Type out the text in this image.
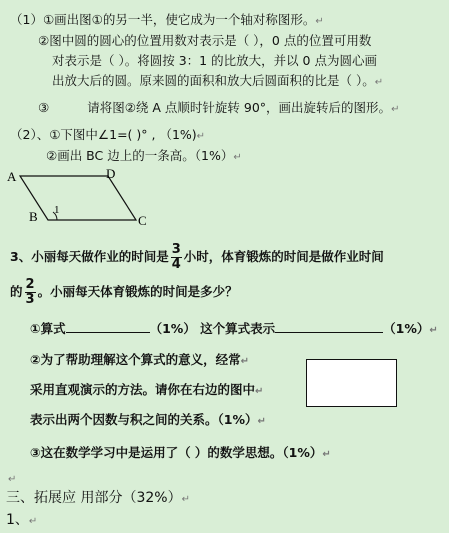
（1）①画出图①的另一半，使它成为一个轴对称图形。↵
②图中圆的圆心的位置用数对表示是（ ），0 点的位置可用数
对表示是（ ）。将圆按 3：1 的比放大，并以 0 点为圆心画
出放大后的圆。原来圆的面积和放大后圆面积的比是（ ）。↵
③	请将图②绕 A 点顺时针旋转 90°，画出旋转后的图形。↵
（2）、①下图中∠1=( )° , （1%)↵
②画出 BC 边上的一条高。（1%）↵
A	D
B	C
1
3、小丽每天做作业的时间是 $\frac{3}{4}$ 小时，体育锻炼的时间是做作业时间
的 $\frac{2}{3}$ 。小丽每天体育锻炼的时间是多少？
①算式	（1%） 这个算式表示	（1%）↵
②为了帮助理解这个算式的意义，经常↵
采用直观演示的方法。请你在右边的图中↵
表示出两个因数与积之间的关系。（1%）↵
③这在数学学习中是运用了（ ）的数学思想。（1%）↵
↵
三、拓展应 用部分（32%）↵
1、↵
